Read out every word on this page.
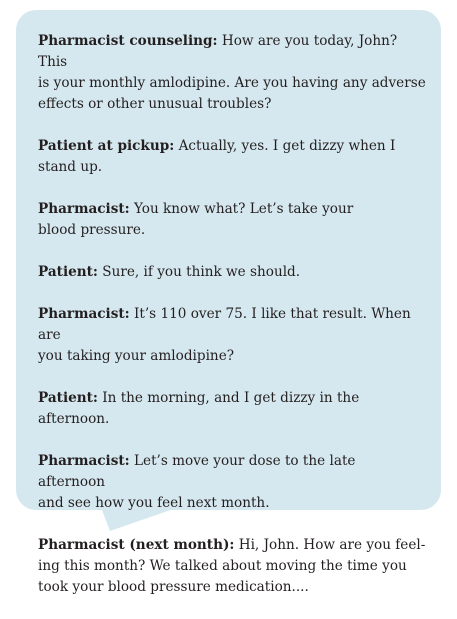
Pharmacist counseling: How are you today, John? This
is your monthly amlodipine. Are you having any adverse
effects or other unusual troubles?

Patient at pickup: Actually, yes. I get dizzy when I stand up.

Pharmacist: You know what? Let’s take your
blood pressure.

Patient: Sure, if you think we should.

Pharmacist: It’s 110 over 75. I like that result. When are
you taking your amlodipine?

Patient: In the morning, and I get dizzy in the afternoon.

Pharmacist: Let’s move your dose to the late afternoon
and see how you feel next month.

Pharmacist (next month): Hi, John. How are you feel-
ing this month? We talked about moving the time you
took your blood pressure medication....
